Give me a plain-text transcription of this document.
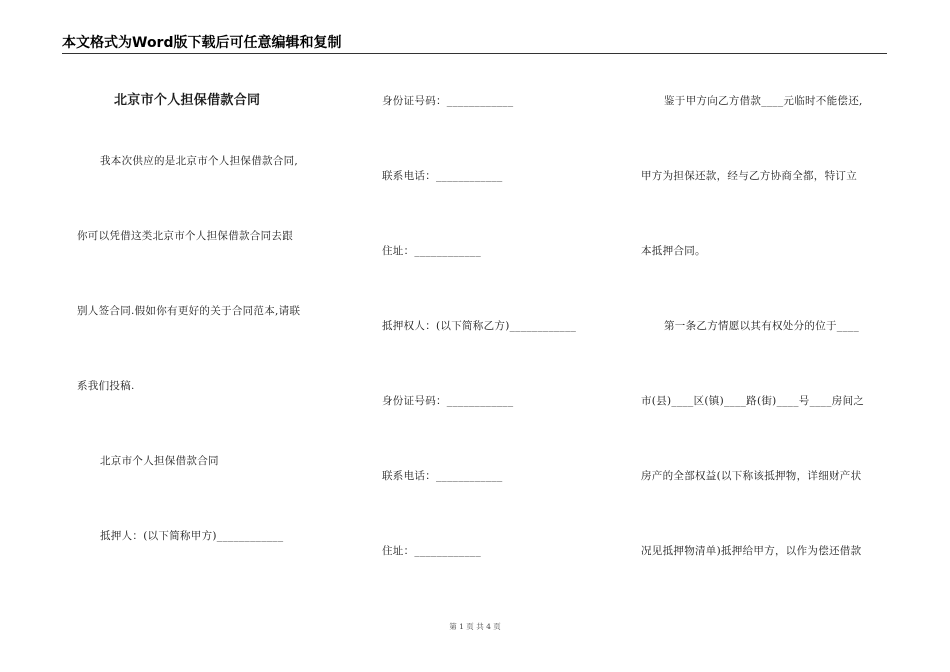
本文格式为Word版下载后可任意编辑和复制
北京市个人担保借款合同
我本次供应的是北京市个人担保借款合同,
你可以凭借这类北京市个人担保借款合同去跟
别人签合同.假如你有更好的关于合同范本,请联
系我们投稿.
北京市个人担保借款合同
抵押人：(以下简称甲方)____________
身份证号码：____________
联系电话：____________
住址：____________
抵押权人：(以下简称乙方)____________
身份证号码：____________
联系电话：____________
住址：____________
鉴于甲方向乙方借款____元临时不能偿还,
甲方为担保还款，经与乙方协商全都，特订立
本抵押合同。
第一条乙方情愿以其有权处分的位于____
市(县)____区(镇)____路(街)____号____房间之
房产的全部权益(以下称该抵押物，详细财产状
况见抵押物清单)抵押给甲方，以作为偿还借款
第 1 页 共 4 页
